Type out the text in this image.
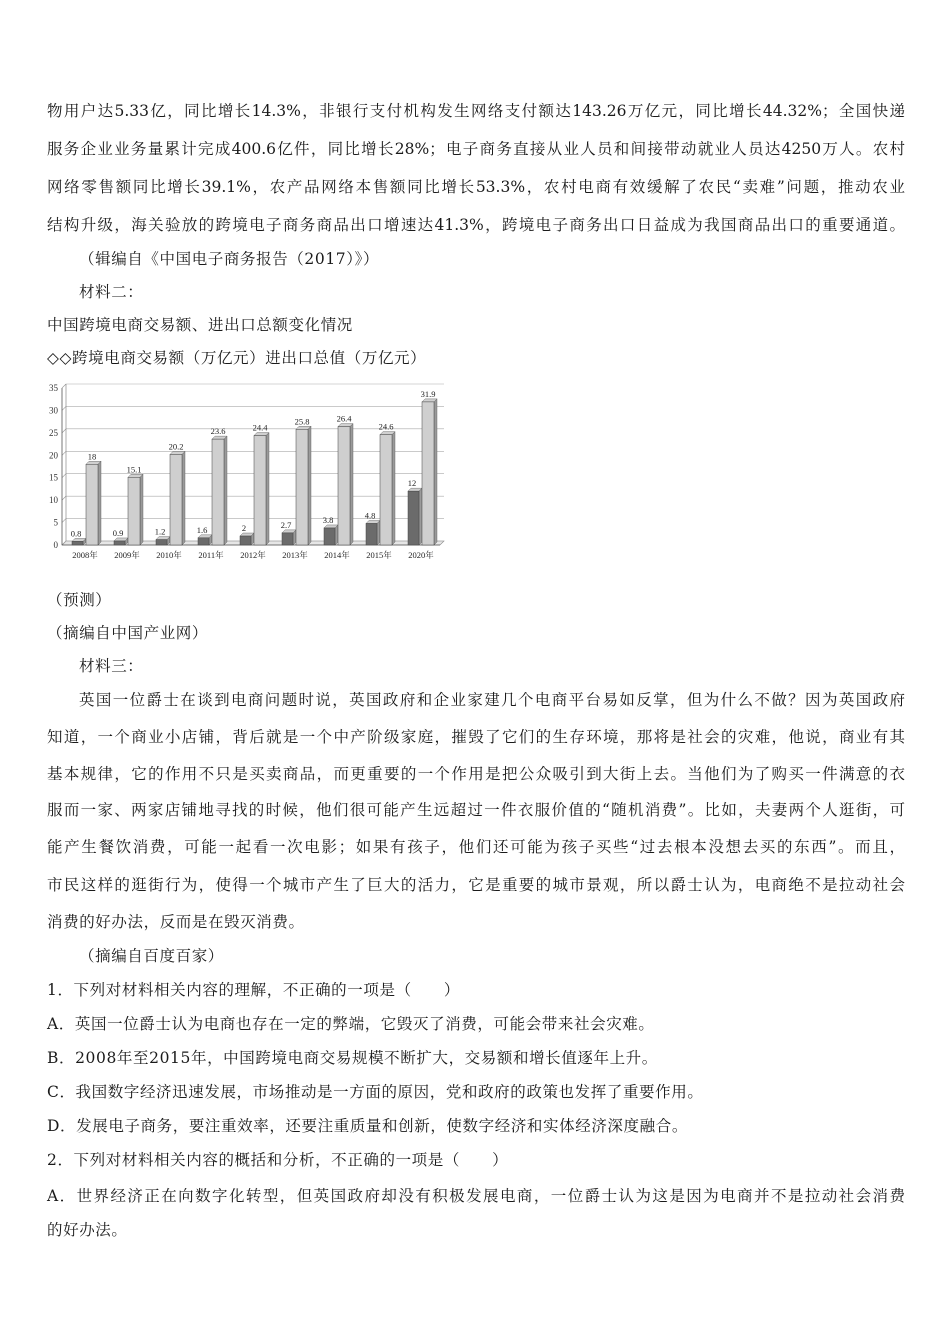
物用户达5.33亿，同比增长14.3%，非银行支付机构发生网络支付额达143.26万亿元，同比增长44.32%；全国快递
服务企业业务量累计完成400.6亿件，同比增长28%；电子商务直接从业人员和间接带动就业人员达4250万人。农村
网络零售额同比增长39.1%，农产品网络本售额同比增长53.3%，农村电商有效缓解了农民“卖难”问题，推动农业
结构升级，海关验放的跨境电子商务商品出口增速达41.3%，跨境电子商务出口日益成为我国商品出口的重要通道。
（辑编自《中国电子商务报告（2017）》）
材料二：
中国跨境电商交易额、进出口总额变化情况
◇◇跨境电商交易额（万亿元）进出口总值（万亿元）
0
5
10
15
20
25
30
35
0.8
18
2008年
0.9
15.1
2009年
1.2
20.2
2010年
1.6
23.6
2011年
2
24.4
2012年
2.7
25.8
2013年
3.8
26.4
2014年
4.8
24.6
2015年
12
31.9
2020年
（预测）
（摘编自中国产业网）
材料三：
英国一位爵士在谈到电商问题时说，英国政府和企业家建几个电商平台易如反掌，但为什么不做？因为英国政府
知道，一个商业小店铺，背后就是一个中产阶级家庭，摧毁了它们的生存环境，那将是社会的灾难，他说，商业有其
基本规律，它的作用不只是买卖商品，而更重要的一个作用是把公众吸引到大街上去。当他们为了购买一件满意的衣
服而一家、两家店铺地寻找的时候，他们很可能产生远超过一件衣服价值的“随机消费”。比如，夫妻两个人逛街，可
能产生餐饮消费，可能一起看一次电影；如果有孩子，他们还可能为孩子买些“过去根本没想去买的东西”。而且，
市民这样的逛街行为，使得一个城市产生了巨大的活力，它是重要的城市景观，所以爵士认为，电商绝不是拉动社会
消费的好办法，反而是在毁灭消费。
（摘编自百度百家）
1．下列对材料相关内容的理解，不正确的一项是（　　）
A．英国一位爵士认为电商也存在一定的弊端，它毁灭了消费，可能会带来社会灾难。
B．2008年至2015年，中国跨境电商交易规模不断扩大，交易额和增长值逐年上升。
C．我国数字经济迅速发展，市场推动是一方面的原因，党和政府的政策也发挥了重要作用。
D．发展电子商务，要注重效率，还要注重质量和创新，使数字经济和实体经济深度融合。
2．下列对材料相关内容的概括和分析，不正确的一项是（　　）
A．世界经济正在向数字化转型，但英国政府却没有积极发展电商，一位爵士认为这是因为电商并不是拉动社会消费
的好办法。
